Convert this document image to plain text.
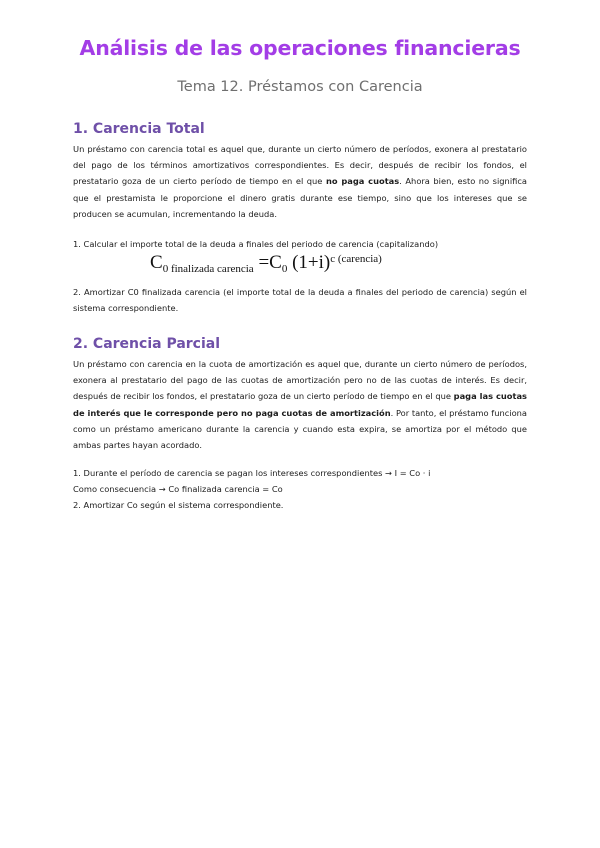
Análisis de las operaciones financieras
Tema 12. Préstamos con Carencia
1. Carencia Total

Un préstamo con carencia total es aquel que, durante un cierto número de períodos, exonera al prestatario del pago de los términos amortizativos correspondientes. Es decir, después de recibir los fondos, el prestatario goza de un cierto período de tiempo en el que no paga cuotas. Ahora bien, esto no significa que el prestamista le proporcione el dinero gratis durante ese tiempo, sino que los intereses que se producen se acumulan, incrementando la deuda.

1. Calcular el importe total de la deuda a finales del periodo de carencia (capitalizando)

$C_{0 finalizada carencia} =C_0$ $(1+i)^{c (carencia)}$

2. Amortizar C0 finalizada carencia (el importe total de la deuda a finales del periodo de carencia) según el sistema correspondiente.

2. Carencia Parcial

Un préstamo con carencia en la cuota de amortización es aquel que, durante un cierto número de períodos, exonera al prestatario del pago de las cuotas de amortización pero no de las cuotas de interés. Es decir, después de recibir los fondos, el prestatario goza de un cierto período de tiempo en el que paga las cuotas de interés que le corresponde pero no paga cuotas de amortización. Por tanto, el préstamo funciona como un préstamo americano durante la carencia y cuando esta expira, se amortiza por el método que ambas partes hayan acordado.

1. Durante el período de carencia se pagan los intereses correspondientes → I = Co · i

Como consecuencia → Co finalizada carencia = Co

2. Amortizar Co según el sistema correspondiente.
